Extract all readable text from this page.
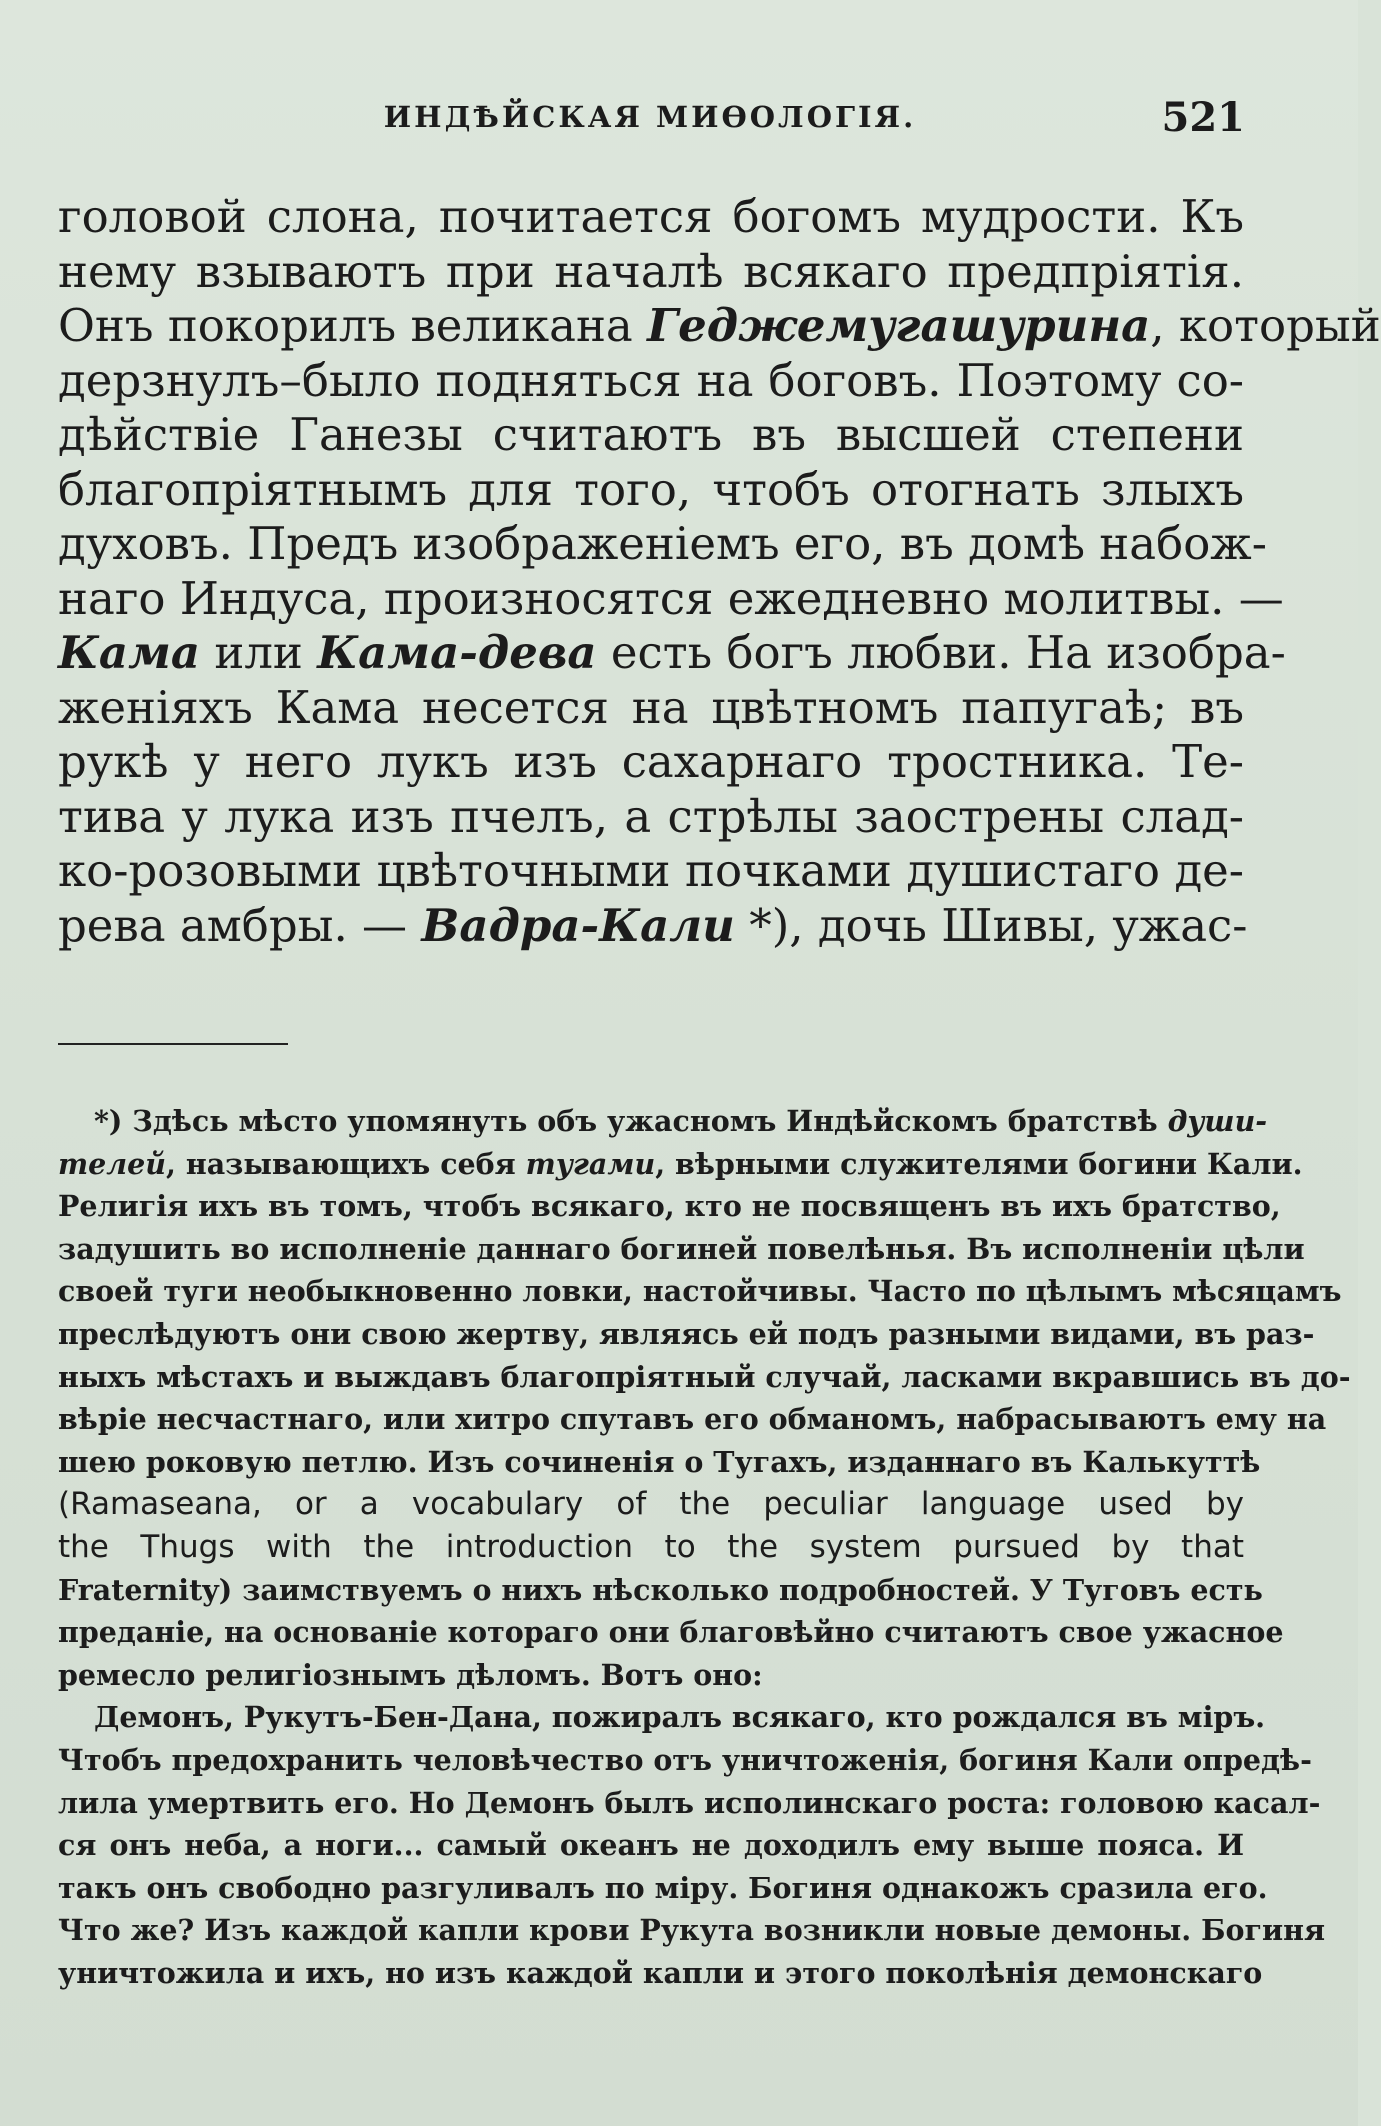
ИНДѢЙСКАЯ МИѲОЛОГІЯ.	521
головой слона, почитается богомъ мудрости. Къ
нему взываютъ при началѣ всякаго предпріятія.
Онъ покорилъ великана Геджемугашурина, который
дерзнулъ–было подняться на боговъ. Поэтому со-
дѣйствіе Ганезы считаютъ въ высшей степени
благопріятнымъ для того, чтобъ отогнать злыхъ
духовъ. Предъ изображеніемъ его, въ домѣ набож-
наго Индуса, произносятся ежедневно молитвы. —
Кама или Кама-дева есть богъ любви. На изобра-
женіяхъ Кама несется на цвѣтномъ папугаѣ; въ
рукѣ у него лукъ изъ сахарнаго тростника. Те-
тива у лука изъ пчелъ, а стрѣлы заострены слад-
ко-розовыми цвѣточными почками душистаго де-
рева амбры. — Вадра-Кали *), дочь Шивы, ужас-
*) Здѣсь мѣсто упомянуть объ ужасномъ Индѣйскомъ братствѣ души-
телей, называющихъ себя тугами, вѣрными служителями богини Кали.
Религія ихъ въ томъ, чтобъ всякаго, кто не посвященъ въ ихъ братство,
задушить во исполненіе даннаго богиней повелѣнья. Въ исполненіи цѣли
своей туги необыкновенно ловки, настойчивы. Часто по цѣлымъ мѣсяцамъ
преслѣдуютъ они свою жертву, являясь ей подъ разными видами, въ раз-
ныхъ мѣстахъ и выждавъ благопріятный случай, ласками вкравшись въ до-
вѣріе несчастнаго, или хитро спутавъ его обманомъ, набрасываютъ ему на
шею роковую петлю. Изъ сочиненія о Тугахъ, изданнаго въ Калькуттѣ
(Ramaseana, or a vocabulary of the peculiar language used by
the Thugs with the introduction to the system pursued by that
Fraternity) заимствуемъ о нихъ нѣсколько подробностей. У Туговъ есть
преданіе, на основаніе котораго они благовѣйно считаютъ свое ужасное
ремесло религіознымъ дѣломъ. Вотъ оно:
Демонъ, Рукутъ-Бен-Дана, пожиралъ всякаго, кто рождался въ міръ.
Чтобъ предохранить человѣчество отъ уничтоженія, богиня Кали опредѣ-
лила умертвить его. Но Демонъ былъ исполинскаго роста: головою касал-
ся онъ неба, а ноги... самый океанъ не доходилъ ему выше пояса. И
такъ онъ свободно разгуливалъ по міру. Богиня однакожъ сразила его.
Что же? Изъ каждой капли крови Рукута возникли новые демоны. Богиня
уничтожила и ихъ, но изъ каждой капли и этого поколѣнія демонскаго
